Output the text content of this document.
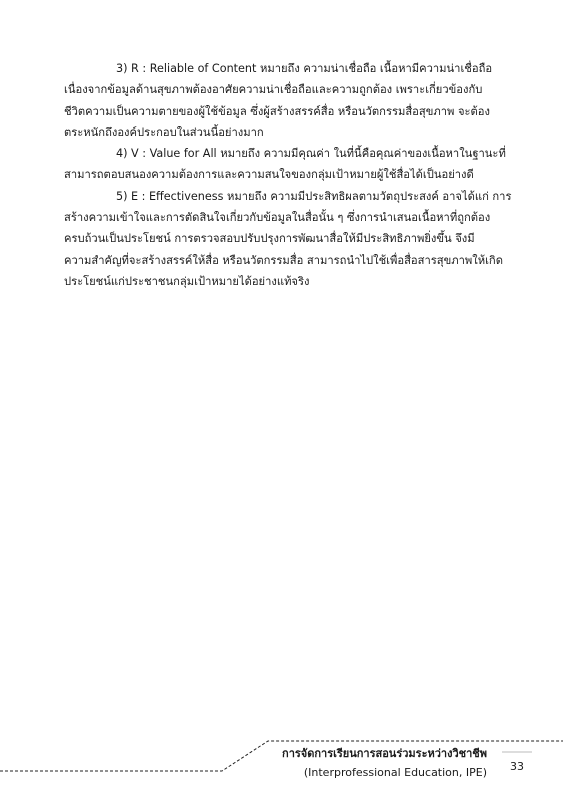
3) R : Reliable of Content หมายถึง ความน่าเชื่อถือ เนื้อหามีความน่าเชื่อถือ
เนื่องจากข้อมูลด้านสุขภาพต้องอาศัยความน่าเชื่อถือและความถูกต้อง เพราะเกี่ยวข้องกับ
ชีวิตความเป็นความตายของผู้ใช้ข้อมูล ซึ่งผู้สร้างสรรค์สื่อ หรือนวัตกรรมสื่อสุขภาพ จะต้อง
ตระหนักถึงองค์ประกอบในส่วนนี้อย่างมาก
4) V : Value for All หมายถึง ความมีคุณค่า ในที่นี้คือคุณค่าของเนื้อหาในฐานะที่
สามารถตอบสนองความต้องการและความสนใจของกลุ่มเป้าหมายผู้ใช้สื่อได้เป็นอย่างดี
5) E : Effectiveness หมายถึง ความมีประสิทธิผลตามวัตถุประสงค์ อาจได้แก่ การ
สร้างความเข้าใจและการตัดสินใจเกี่ยวกับข้อมูลในสื่อนั้น ๆ ซึ่งการนำเสนอเนื้อหาที่ถูกต้อง
ครบถ้วนเป็นประโยชน์ การตรวจสอบปรับปรุงการพัฒนาสื่อให้มีประสิทธิภาพยิ่งขึ้น จึงมี
ความสำคัญที่จะสร้างสรรค์ให้สื่อ หรือนวัตกรรมสื่อ สามารถนำไปใช้เพื่อสื่อสารสุขภาพให้เกิด
ประโยชน์แก่ประชาชนกลุ่มเป้าหมายได้อย่างแท้จริง
การจัดการเรียนการสอนร่วมระหว่างวิชาชีพ
(Interprofessional Education, IPE)	33
